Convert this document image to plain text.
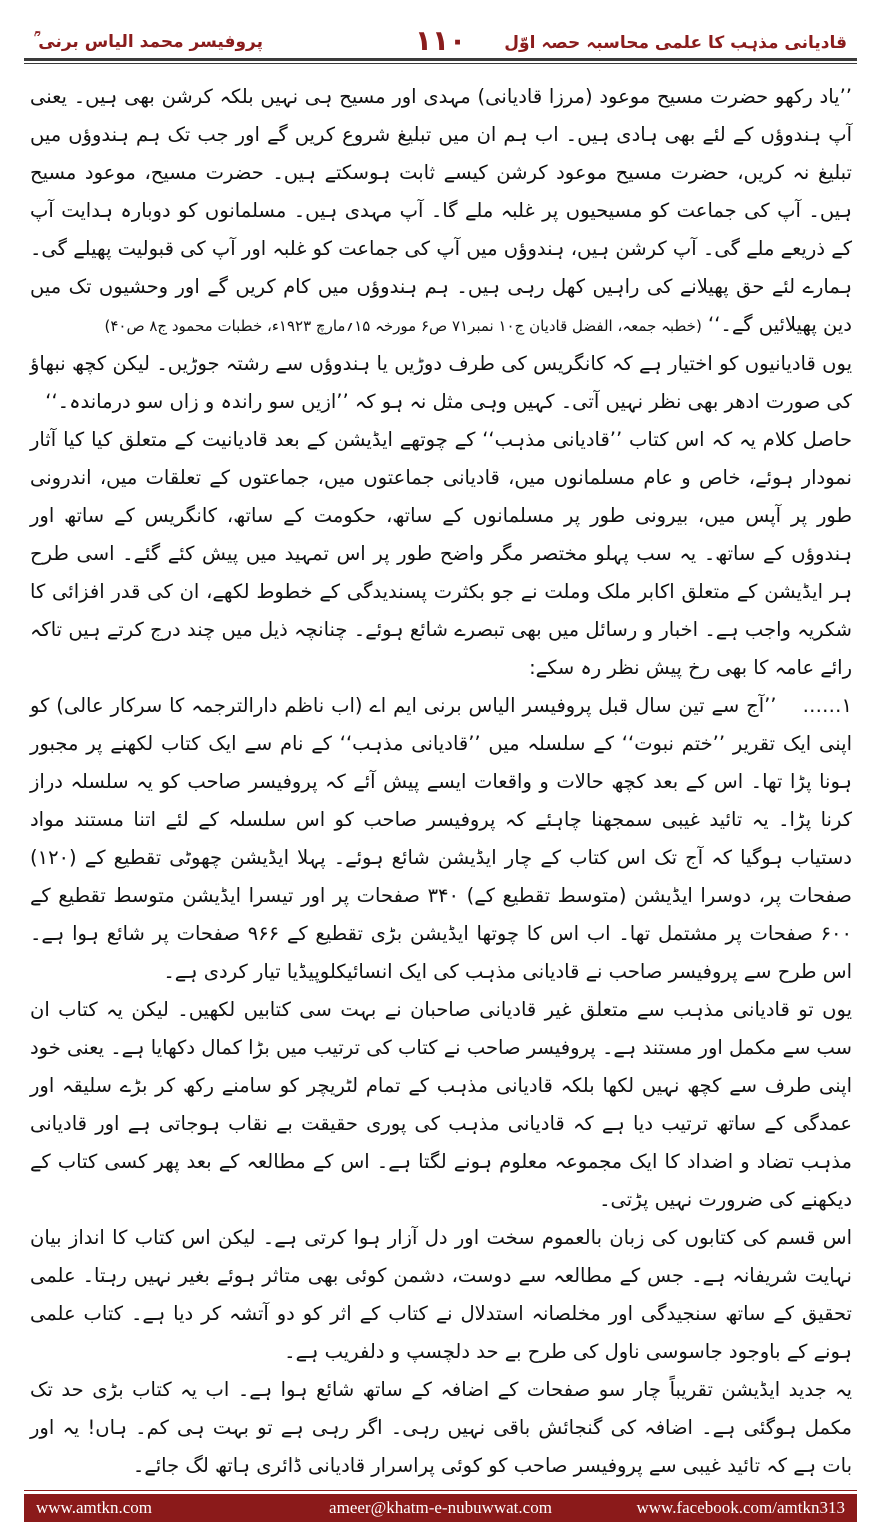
قادیانی مذہب کا علمی محاسبہ حصہ اوّل
۱۱۰
پروفیسر محمد الیاس برنی ؒ

’’یاد رکھو حضرت مسیح موعود (مرزا قادیانی) مہدی اور مسیح ہی نہیں بلکہ کرشن بھی ہیں۔ یعنی آپ ہندوؤں کے لئے بھی ہادی ہیں۔ اب ہم ان میں تبلیغ شروع کریں گے اور جب تک ہم ہندوؤں میں تبلیغ نہ کریں، حضرت مسیح موعود کرشن کیسے ثابت ہوسکتے ہیں۔ حضرت مسیح، موعود مسیح ہیں۔ آپ کی جماعت کو مسیحیوں پر غلبہ ملے گا۔ آپ مہدی ہیں۔ مسلمانوں کو دوبارہ ہدایت آپ کے ذریعے ملے گی۔ آپ کرشن ہیں، ہندوؤں میں آپ کی جماعت کو غلبہ اور آپ کی قبولیت پھیلے گی۔ ہمارے لئے حق پھیلانے کی راہیں کھل رہی ہیں۔ ہم ہندوؤں میں کام کریں گے اور وحشیوں تک میں دین پھیلائیں گے۔‘‘ (خطبہ جمعہ، الفضل قادیان ج۱۰ نمبر۷۱ ص۶ مورخہ ۱۵؍مارچ ۱۹۲۳ء، خطبات محمود ج۸ ص۴۰)

یوں قادیانیوں کو اختیار ہے کہ کانگریس کی طرف دوڑیں یا ہندوؤں سے رشتہ جوڑیں۔ لیکن کچھ نبھاؤ کی صورت ادھر بھی نظر نہیں آتی۔ کہیں وہی مثل نہ ہو کہ ’’ازیں سو راندہ و زاں سو درماندہ۔‘‘

حاصل کلام یہ کہ اس کتاب ’’قادیانی مذہب‘‘ کے چوتھے ایڈیشن کے بعد قادیانیت کے متعلق کیا کیا آثار نمودار ہوئے، خاص و عام مسلمانوں میں، قادیانی جماعتوں میں، جماعتوں کے تعلقات میں، اندرونی طور پر آپس میں، بیرونی طور پر مسلمانوں کے ساتھ، حکومت کے ساتھ، کانگریس کے ساتھ اور ہندوؤں کے ساتھ۔ یہ سب پہلو مختصر مگر واضح طور پر اس تمہید میں پیش کئے گئے۔ اسی طرح ہر ایڈیشن کے متعلق اکابر ملک وملت نے جو بکثرت پسندیدگی کے خطوط لکھے، ان کی قدر افزائی کا شکریہ واجب ہے۔ اخبار و رسائل میں بھی تبصرے شائع ہوئے۔ چنانچہ ذیل میں چند درج کرتے ہیں تاکہ رائے عامہ کا بھی رخ پیش نظر رہ سکے:

۱……’’آج سے تین سال قبل پروفیسر الیاس برنی ایم اے (اب ناظم دارالترجمہ کا سرکار عالی) کو اپنی ایک تقریر ’’ختم نبوت‘‘ کے سلسلہ میں ’’قادیانی مذہب‘‘ کے نام سے ایک کتاب لکھنے پر مجبور ہونا پڑا تھا۔ اس کے بعد کچھ حالات و واقعات ایسے پیش آئے کہ پروفیسر صاحب کو یہ سلسلہ دراز کرنا پڑا۔ یہ تائید غیبی سمجھنا چاہئے کہ پروفیسر صاحب کو اس سلسلہ کے لئے اتنا مستند مواد دستیاب ہوگیا کہ آج تک اس کتاب کے چار ایڈیشن شائع ہوئے۔ پہلا ایڈیشن چھوٹی تقطیع کے (۱۲۰) صفحات پر، دوسرا ایڈیشن (متوسط تقطیع کے) ۳۴۰ صفحات پر اور تیسرا ایڈیشن متوسط تقطیع کے ۶۰۰ صفحات پر مشتمل تھا۔ اب اس کا چوتھا ایڈیشن بڑی تقطیع کے ۹۶۶ صفحات پر شائع ہوا ہے۔ اس طرح سے پروفیسر صاحب نے قادیانی مذہب کی ایک انسائیکلوپیڈیا تیار کردی ہے۔

یوں تو قادیانی مذہب سے متعلق غیر قادیانی صاحبان نے بہت سی کتابیں لکھیں۔ لیکن یہ کتاب ان سب سے مکمل اور مستند ہے۔ پروفیسر صاحب نے کتاب کی ترتیب میں بڑا کمال دکھایا ہے۔ یعنی خود اپنی طرف سے کچھ نہیں لکھا بلکہ قادیانی مذہب کے تمام لٹریچر کو سامنے رکھ کر بڑے سلیقہ اور عمدگی کے ساتھ ترتیب دیا ہے کہ قادیانی مذہب کی پوری حقیقت بے نقاب ہوجاتی ہے اور قادیانی مذہب تضاد و اضداد کا ایک مجموعہ معلوم ہونے لگتا ہے۔ اس کے مطالعہ کے بعد پھر کسی کتاب کے دیکھنے کی ضرورت نہیں پڑتی۔

اس قسم کی کتابوں کی زبان بالعموم سخت اور دل آزار ہوا کرتی ہے۔ لیکن اس کتاب کا انداز بیان نہایت شریفانہ ہے۔ جس کے مطالعہ سے دوست، دشمن کوئی بھی متاثر ہوئے بغیر نہیں رہتا۔ علمی تحقیق کے ساتھ سنجیدگی اور مخلصانہ استدلال نے کتاب کے اثر کو دو آتشہ کر دیا ہے۔ کتاب علمی ہونے کے باوجود جاسوسی ناول کی طرح بے حد دلچسپ و دلفریب ہے۔

یہ جدید ایڈیشن تقریباً چار سو صفحات کے اضافہ کے ساتھ شائع ہوا ہے۔ اب یہ کتاب بڑی حد تک مکمل ہوگئی ہے۔ اضافہ کی گنجائش باقی نہیں رہی۔ اگر رہی ہے تو بہت ہی کم۔ ہاں! یہ اور بات ہے کہ تائید غیبی سے پروفیسر صاحب کو کوئی پراسرار قادیانی ڈائری ہاتھ لگ جائے۔

www.amtkn.com	ameer@khatm-e-nubuwwat.com	www.facebook.com/amtkn313
